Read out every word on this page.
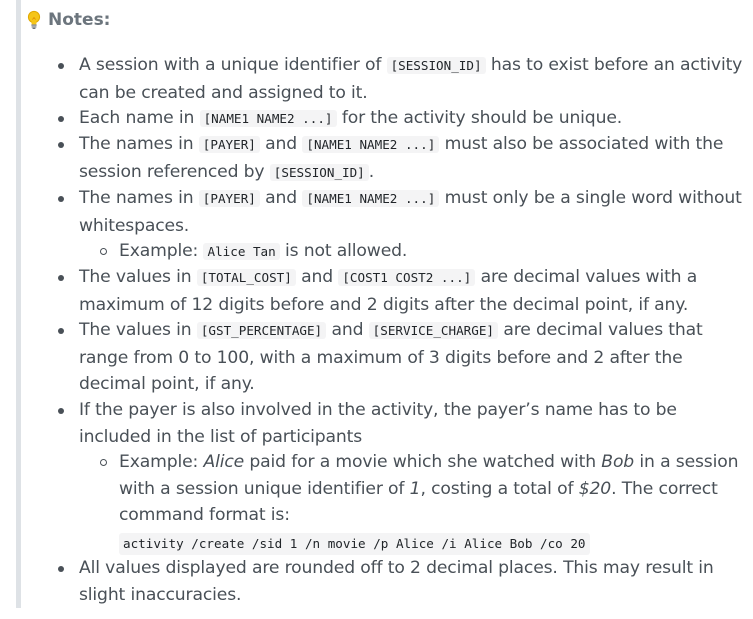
Notes:
A session with a unique identifier of [SESSION_ID] has to exist before an activity can be created and assigned to it.
Each name in [NAME1 NAME2 ...] for the activity should be unique.
The names in [PAYER] and [NAME1 NAME2 ...] must also be associated with the session referenced by [SESSION_ID] .
The names in [PAYER] and [NAME1 NAME2 ...] must only be a single word without whitespaces.
Example: Alice Tan is not allowed.
The values in [TOTAL_COST] and [COST1 COST2 ...] are decimal values with a maximum of 12 digits before and 2 digits after the decimal point, if any.
The values in [GST_PERCENTAGE] and [SERVICE_CHARGE] are decimal values that range from 0 to 100, with a maximum of 3 digits before and 2 after the decimal point, if any.
If the payer is also involved in the activity, the payer’s name has to be included in the list of participants
Example: Alice paid for a movie which she watched with Bob in a session with a session unique identifier of 1, costing a total of $20. The correct command format is:
All values displayed are rounded off to 2 decimal places. This may result in slight inaccuracies.
activity /create /sid 1 /n movie /p Alice /i Alice Bob /co 20
